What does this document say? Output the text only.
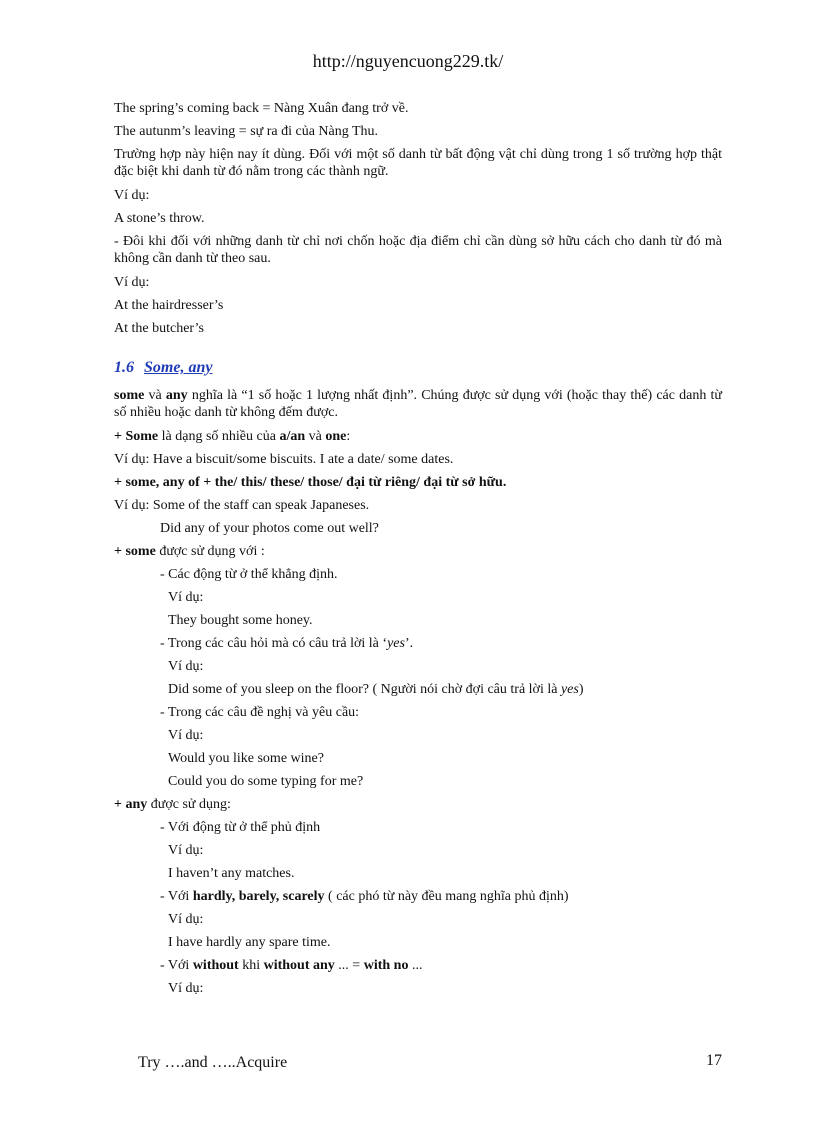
http://nguyencuong229.tk/

The spring’s coming back = Nàng Xuân đang trở về.

The autunm’s leaving = sự ra đi của Nàng Thu.

Trường hợp này hiện nay ít dùng. Đối với một số danh từ bất động vật chỉ dùng trong 1 số trường hợp thật đặc biệt khi danh từ đó nằm trong các thành ngữ.

Ví dụ:

A stone’s throw.

- Đôi khi đối với những danh từ chỉ nơi chốn hoặc địa điểm chỉ cần dùng sở hữu cách cho danh từ đó mà không cần danh từ theo sau.

Ví dụ:

At the hairdresser’s

At the butcher’s

1.6 Some, any

some và any nghĩa là “1 số hoặc 1 lượng nhất định”. Chúng được sử dụng với (hoặc thay thế) các danh từ số nhiều hoặc danh từ không đếm được.

+ Some là dạng số nhiều của a/an và one:

Ví dụ: Have a biscuit/some biscuits. I ate a date/ some dates.

+ some, any of + the/ this/ these/ those/ đại từ riêng/ đại từ sở hữu.

Ví dụ: Some of the staff can speak Japaneses.

Did any of your photos come out well?

+ some được sử dụng với :

- Các động từ ở thể khẳng định.

Ví dụ:

They bought some honey.

- Trong các câu hỏi mà có câu trả lời là ‘yes’.

Ví dụ:

Did some of you sleep on the floor? ( Người nói chờ đợi câu trả lời là yes)

- Trong các câu đề nghị và yêu cầu:

Ví dụ:

Would you like some wine?

Could you do some typing for me?

+ any được sử dụng:

- Với động từ ở thể phủ định

Ví dụ:

I haven’t any matches.

- Với hardly, barely, scarely ( các phó từ này đều mang nghĩa phủ định)

Ví dụ:

I have hardly any spare time.

- Với without khi without any ... = with no ...

Ví dụ:

Try ….and …..Acquire	17
